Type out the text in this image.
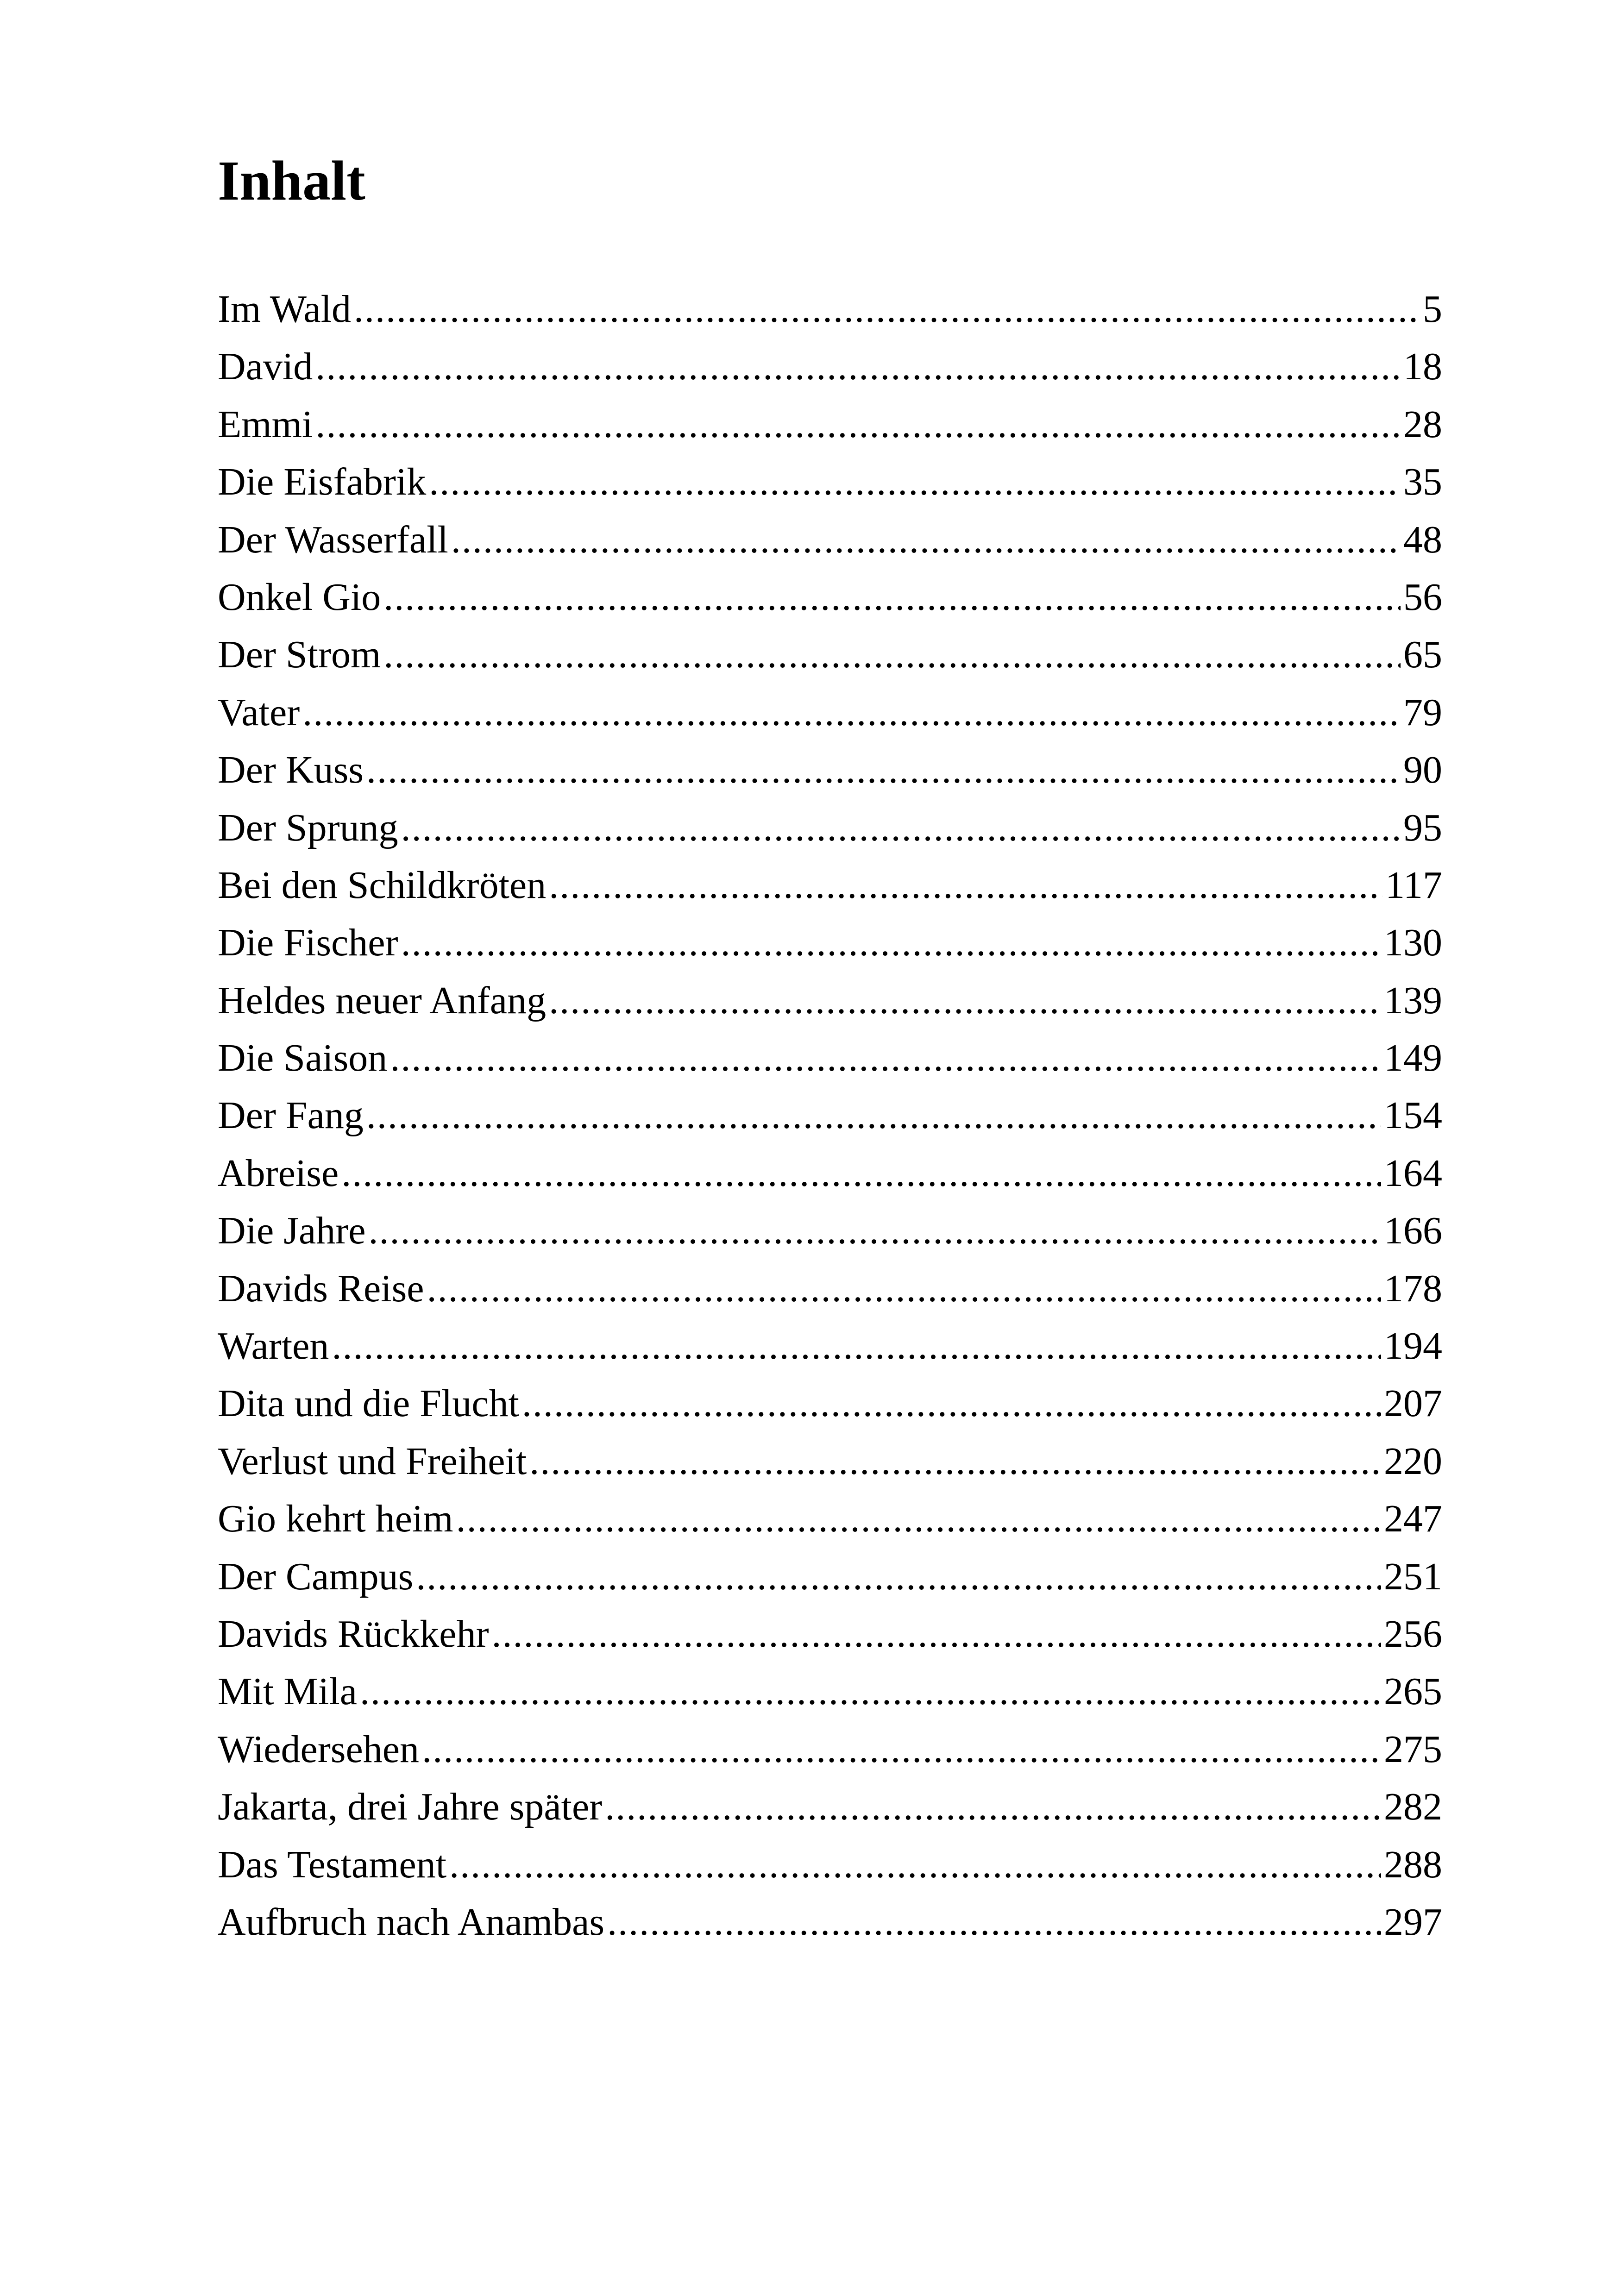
Inhalt
Im Wald .....	5
David .....	18
Emmi .....	28
Die Eisfabrik .....	35
Der Wasserfall .....	48
Onkel Gio .....	56
Der Strom .....	65
Vater .....	79
Der Kuss .....	90
Der Sprung .....	95
Bei den Schildkröten .....	117
Die Fischer .....	130
Heldes neuer Anfang .....	139
Die Saison .....	149
Der Fang .....	154
Abreise .....	164
Die Jahre .....	166
Davids Reise .....	178
Warten .....	194
Dita und die Flucht .....	207
Verlust und Freiheit .....	220
Gio kehrt heim .....	247
Der Campus .....	251
Davids Rückkehr .....	256
Mit Mila .....	265
Wiedersehen .....	275
Jakarta, drei Jahre später .....	282
Das Testament .....	288
Aufbruch nach Anambas .....	297
